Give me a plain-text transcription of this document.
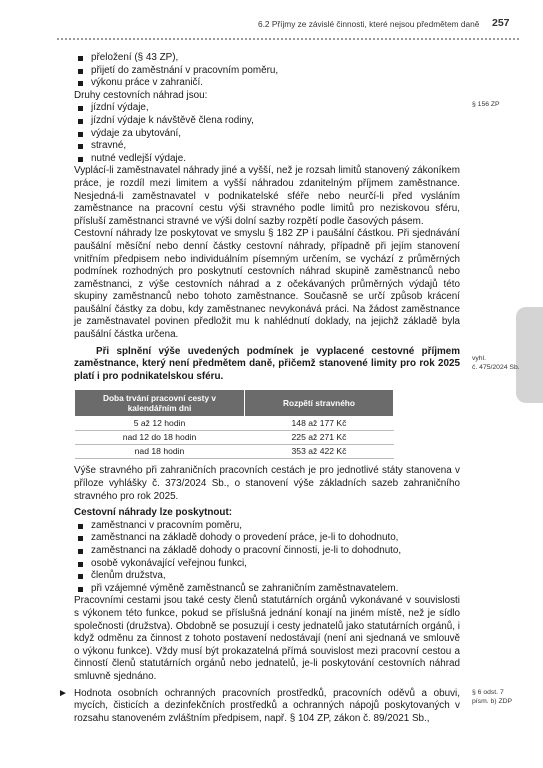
6.2 Příjmy ze závislé činnosti, které nejsou předmětem daně 257
§ 156 ZP
vyhl.
č. 475/2024 Sb.
§ 6 odst. 7
písm. b) ZDP
přeložení (§ 43 ZP),
přijetí do zaměstnání v pracovním poměru,
výkonu práce v zahraničí.

Druhy cestovních náhrad jsou:

jízdní výdaje,
jízdní výdaje k návštěvě člena rodiny,
výdaje za ubytování,
stravné,
nutné vedlejší výdaje.

Vyplácí-li zaměstnavatel náhrady jiné a vyšší, než je rozsah limitů stanovený zákoníkem práce, je rozdíl mezi limitem a vyšší náhradou zdanitelným příjmem zaměstnance. Nesjedná-li zaměstnavatel v podnikatelské sféře nebo neurčí-li před vysláním zaměstnance na pracovní cestu výši stravného podle limitů pro neziskovou sféru, přísluší zaměstnanci stravné ve výši dolní sazby rozpětí podle časových pásem.

Cestovní náhrady lze poskytovat ve smyslu § 182 ZP i paušální částkou. Při sjednávání paušální měsíční nebo denní částky cestovní náhrady, případně při jejím stanovení vnitřním předpisem nebo individuálním písemným určením, se vychází z průměrných podmínek rozhodných pro poskytnutí cestovních náhrad skupině zaměstnanců nebo zaměstnanci, z výše cestovních náhrad a z očekávaných průměrných výdajů této skupiny zaměstnanců nebo tohoto zaměstnance. Současně se určí způsob krácení paušální částky za dobu, kdy zaměstnanec nevykonává práci. Na žádost zaměstnance je zaměstnavatel povinen předložit mu k nahlédnutí doklady, na jejichž základě byla paušální částka určena.

Při splnění výše uvedených podmínek je vyplacené cestovné příjmem zaměstnance, který není předmětem daně, přičemž stanovené limity pro rok 2025 platí i pro podnikatelskou sféru.

Doba trvání pracovní cesty v kalendářním dni	Rozpětí stravného
5 až 12 hodin	148 až 177 Kč
nad 12 do 18 hodin	225 až 271 Kč
nad 18 hodin	353 až 422 Kč

Výše stravného při zahraničních pracovních cestách je pro jednotlivé státy stanovena v příloze vyhlášky č. 373/2024 Sb., o stanovení výše základních sazeb zahraničního stravného pro rok 2025.

Cestovní náhrady lze poskytnout:

zaměstnanci v pracovním poměru,
zaměstnanci na základě dohody o provedení práce, je-li to dohodnuto,
zaměstnanci na základě dohody o pracovní činnosti, je-li to dohodnuto,
osobě vykonávající veřejnou funkci,
členům družstva,
při vzájemné výměně zaměstnanců se zahraničním zaměstnavatelem.

Pracovními cestami jsou také cesty členů statutárních orgánů vykonávané v souvislosti s výkonem této funkce, pokud se příslušná jednání konají na jiném místě, než je sídlo společnosti (družstva). Obdobně se posuzují i cesty jednatelů jako statutárních orgánů, i když odměnu za činnost z tohoto postavení nedostávají (není ani sjednaná ve smlouvě o výkonu funkce). Vždy musí být prokazatelná přímá souvislost mezi pracovní cestou a činností členů statutárních orgánů nebo jednatelů, je-li poskytování cestovních náhrad smluvně sjednáno.

► Hodnota osobních ochranných pracovních prostředků, pracovních oděvů a obuvi, mycích, čisticích a dezinfekčních prostředků a ochranných nápojů poskytovaných v rozsahu stanoveném zvláštním předpisem, např. § 104 ZP, zákon č. 89/2021 Sb.,
